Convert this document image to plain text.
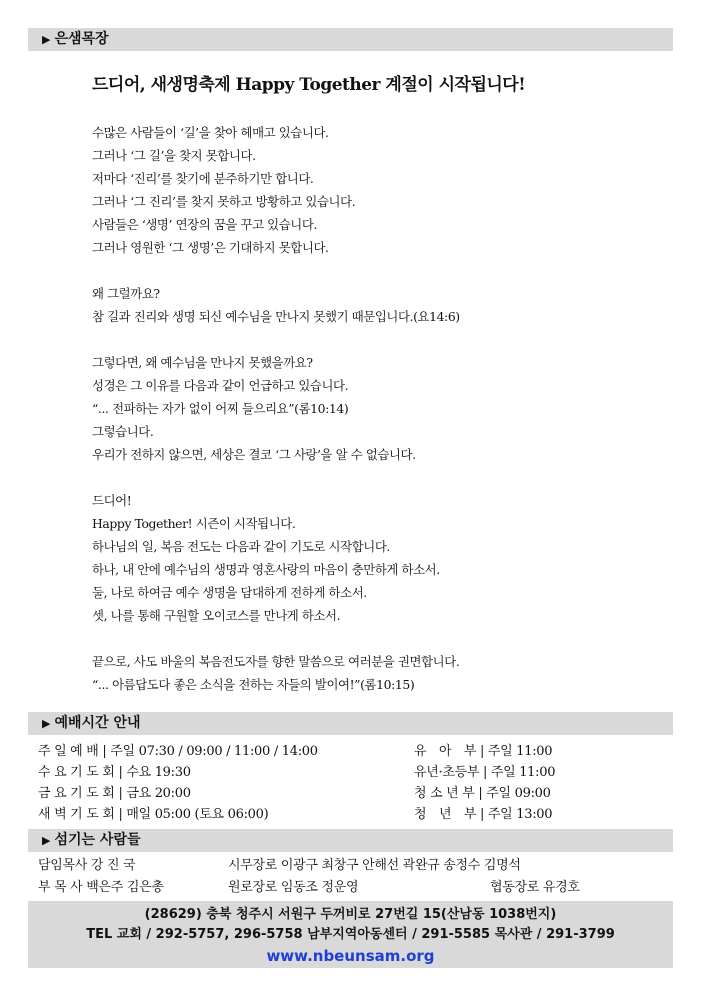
▶ 은샘목장
드디어, 새생명축제 Happy Together 계절이 시작됩니다!
수많은 사람들이 ‘길’을 찾아 헤매고 있습니다.
그러나 ‘그 길’을 찾지 못합니다.
저마다 ‘진리’를 찾기에 분주하기만 합니다.
그러나 ‘그 진리’를 찾지 못하고 방황하고 있습니다.
사람들은 ‘생명’ 연장의 꿈을 꾸고 있습니다.
그러나 영원한 ‘그 생명’은 기대하지 못합니다.
왜 그럴까요?
참 길과 진리와 생명 되신 예수님을 만나지 못했기 때문입니다.(요14:6)
그렇다면, 왜 예수님을 만나지 못했을까요?
성경은 그 이유를 다음과 같이 언급하고 있습니다.
“... 전파하는 자가 없이 어찌 들으리요”(롬10:14)
그렇습니다.
우리가 전하지 않으면, 세상은 결코 ‘그 사랑’을 알 수 없습니다.
드디어!
Happy Together! 시즌이 시작됩니다.
하나님의 일, 복음 전도는 다음과 같이 기도로 시작합니다.
하나, 내 안에 예수님의 생명과 영혼사랑의 마음이 충만하게 하소서.
둘, 나로 하여금 예수 생명을 담대하게 전하게 하소서.
셋, 나를 통해 구원할 오이코스를 만나게 하소서.
끝으로, 사도 바울의 복음전도자를 향한 말씀으로 여러분을 권면합니다.
“... 아름답도다 좋은 소식을 전하는 자들의 발이여!”(롬10:15)
▶ 예배시간 안내
주 일 예 배 | 주일 07:30 / 09:00 / 11:00 / 14:00	유　아　부 | 주일 11:00
수 요 기 도 회 | 수요 19:30	유년·초등부 | 주일 11:00
금 요 기 도 회 | 금요 20:00	청 소 년 부 | 주일 09:00
새 벽 기 도 회 | 매일 05:00 (토요 06:00)	청　년　부 | 주일 13:00
▶ 섬기는 사람들
담임목사 강 진 국	시무장로 이광구 최창구 안해선 곽완규 송정수 김명석
부 목 사 백은주 김은총	원로장로 임동조 정운영	협동장로 유경호
(28629) 충북 청주시 서원구 두꺼비로 27번길 15(산남동 1038번지)
TEL 교회 / 292-5757, 296-5758 남부지역아동센터 / 291-5585 목사관 / 291-3799
www.nbeunsam.org
